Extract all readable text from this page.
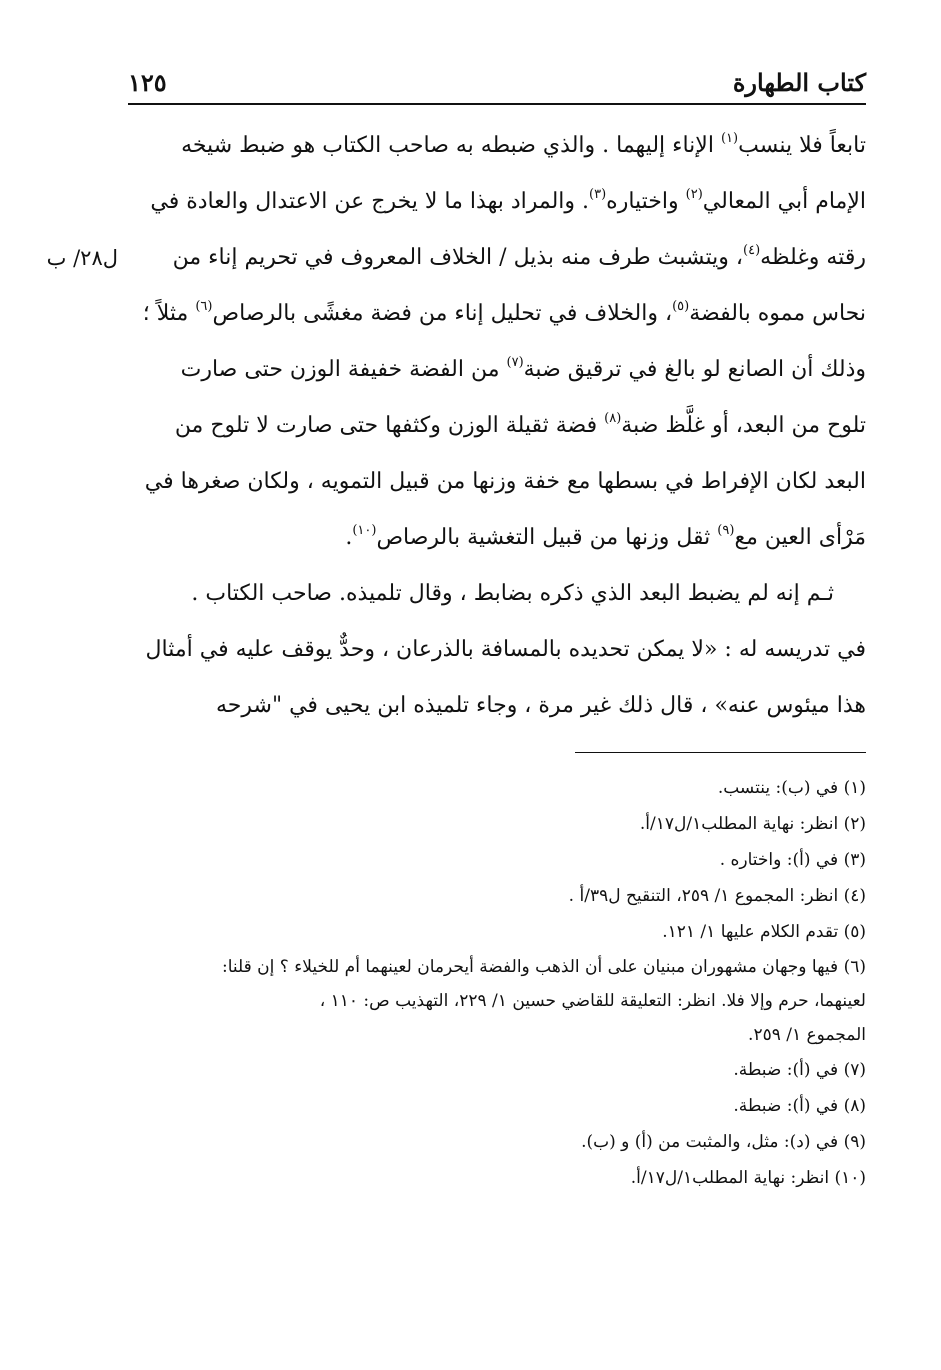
كتاب الطهارة
١٢٥
ل٢٨/ ب
تابعاً فلا ينسب$^{(١)}$ الإناء إليهما . والذي ضبطه به صاحب الكتاب هو ضبط شيخه
الإمام أبي المعالي$^{(٢)}$ واختياره$^{(٣)}$. والمراد بهذا ما لا يخرج عن الاعتدال والعادة في
رقته وغلظه$^{(٤)}$، ويتشبث طرف منه بذيل / الخلاف المعروف في تحريم إناء من
نحاس مموه بالفضة$^{(٥)}$، والخلاف في تحليل إناء من فضة مغشًى بالرصاص$^{(٦)}$ مثلاً ؛
وذلك أن الصانع لو بالغ في ترقيق ضبة$^{(٧)}$ من الفضة خفيفة الوزن حتى صارت
تلوح من البعد، أو غلَّظ ضبة$^{(٨)}$ فضة ثقيلة الوزن وكثفها حتى صارت لا تلوح من
البعد لكان الإفراط في بسطها مع خفة وزنها من قبيل التمويه ، ولكان صغرها في
مَرْأى العين مع$^{(٩)}$ ثقل وزنها من قبيل التغشية بالرصاص$^{(١٠)}$.
ثـم إنه لم يضبط البعد الذي ذكره بضابط ، وقال تلميذه. صاحب الكتاب .
في تدريسه له : «لا يمكن تحديده بالمسافة بالذرعان ، وحدٌّ يوقف عليه في أمثال
هذا ميئوس عنه» ، قال ذلك غير مرة ، وجاء تلميذه ابن يحيى في "شرحه
(١) في (ب): ينتسب.
(٢) انظر: نهاية المطلب١/ل١٧/أ.
(٣) في (أ): واختاره .
(٤) انظر: المجموع ١/ ٢٥٩، التنقيح ل٣٩/أ .
(٥) تقدم الكلام عليها ١/ ١٢١.
(٦) فيها وجهان مشهوران مبنيان على أن الذهب والفضة أيحرمان لعينهما أم للخيلاء ؟ إن قلنا:
لعينهما، حرم وإلا فلا. انظر: التعليقة للقاضي حسين ١/ ٢٢٩، التهذيب ص: ١١٠ ،
المجموع ١/ ٢٥٩.
(٧) في (أ): ضبطة.
(٨) في (أ): ضبطة.
(٩) في (د): مثل، والمثبت من (أ) و (ب).
(١٠) انظر: نهاية المطلب١/ل١٧/أ.
